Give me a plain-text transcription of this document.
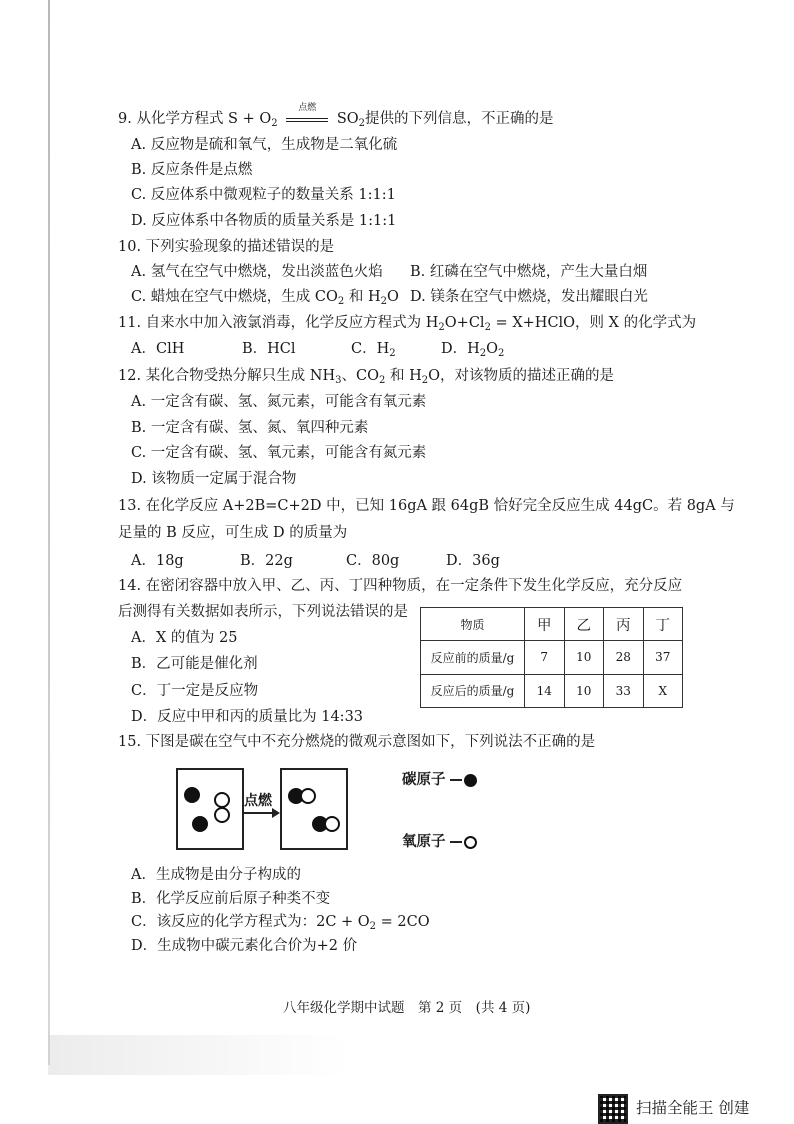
9. 从化学方程式 $S + O_2$
点燃
$SO_2$提供的下列信息，不正确的是
A. 反应物是硫和氧气，生成物是二氧化硫
B. 反应条件是点燃
C. 反应体系中微观粒子的数量关系 1:1:1
D. 反应体系中各物质的质量关系是 1:1:1
10. 下列实验现象的描述错误的是
A. 氢气在空气中燃烧，发出淡蓝色火焰 B. 红磷在空气中燃烧，产生大量白烟
C. 蜡烛在空气中燃烧，生成 $CO_2$ 和 $H_2O$ D. 镁条在空气中燃烧，发出耀眼白光
11. 自来水中加入液氯消毒，化学反应方程式为 $H_2O+Cl_2$ = X+HClO，则 X 的化学式为
A．ClH	B．HCl	C．$H_2$	D．$H_2O_2$
12. 某化合物受热分解只生成 $NH_3$、$CO_2$ 和 $H_2O$，对该物质的描述正确的是
A. 一定含有碳、氢、氮元素，可能含有氧元素
B. 一定含有碳、氢、氮、氧四种元素
C. 一定含有碳、氢、氧元素，可能含有氮元素
D. 该物质一定属于混合物
13. 在化学反应 A+2B=C+2D 中，已知 16gA 跟 64gB 恰好完全反应生成 44gC。若 8gA 与
足量的 B 反应，可生成 D 的质量为
A．18g	B．22g	C．80g	D．36g
14. 在密闭容器中放入甲、乙、丙、丁四种物质，在一定条件下发生化学反应，充分反应
后测得有关数据如表所示，下列说法错误的是
A．X 的值为 25
B．乙可能是催化剂
C．丁一定是反应物
D．反应中甲和丙的质量比为 14:33
物质	甲	乙	丙	丁
反应前的质量/g	7	10	28	37
反应后的质量/g	14	10	33	X
15. 下图是碳在空气中不充分燃烧的微观示意图如下，下列说法不正确的是
点燃
碳原子
氧原子
A．生成物是由分子构成的
B．化学反应前后原子种类不变
C．该反应的化学方程式为：$2C + O_2 = 2CO$
D．生成物中碳元素化合价为+2 价
八年级化学期中试题　第 2 页　(共 4 页)
扫描全能王 创建
